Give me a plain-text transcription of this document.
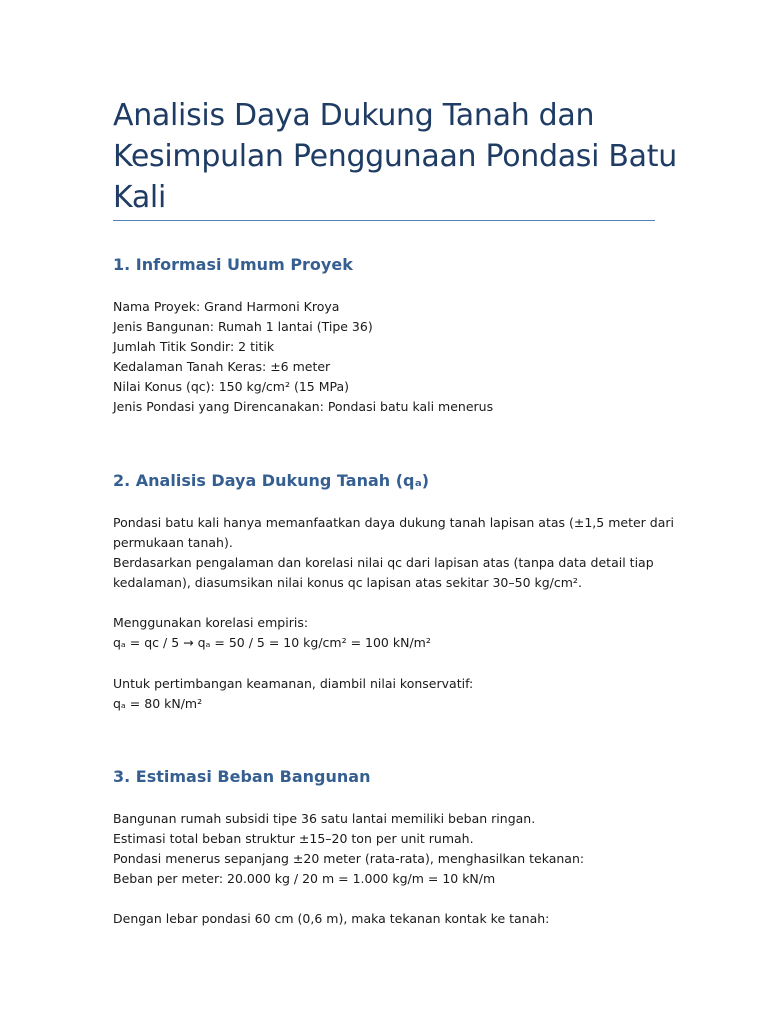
Analisis Daya Dukung Tanah dan
Kesimpulan Penggunaan Pondasi Batu
Kali
1. Informasi Umum Proyek
Nama Proyek: Grand Harmoni Kroya
Jenis Bangunan: Rumah 1 lantai (Tipe 36)
Jumlah Titik Sondir: 2 titik
Kedalaman Tanah Keras: ±6 meter
Nilai Konus (qc): 150 kg/cm² (15 MPa)
Jenis Pondasi yang Direncanakan: Pondasi batu kali menerus
2. Analisis Daya Dukung Tanah (qₐ)
Pondasi batu kali hanya memanfaatkan daya dukung tanah lapisan atas (±1,5 meter dari
permukaan tanah).
Berdasarkan pengalaman dan korelasi nilai qc dari lapisan atas (tanpa data detail tiap
kedalaman), diasumsikan nilai konus qc lapisan atas sekitar 30–50 kg/cm².
Menggunakan korelasi empiris:
qₐ = qc / 5 → qₐ = 50 / 5 = 10 kg/cm² = 100 kN/m²
Untuk pertimbangan keamanan, diambil nilai konservatif:
qₐ = 80 kN/m²
3. Estimasi Beban Bangunan
Bangunan rumah subsidi tipe 36 satu lantai memiliki beban ringan.
Estimasi total beban struktur ±15–20 ton per unit rumah.
Pondasi menerus sepanjang ±20 meter (rata-rata), menghasilkan tekanan:
Beban per meter: 20.000 kg / 20 m = 1.000 kg/m = 10 kN/m
Dengan lebar pondasi 60 cm (0,6 m), maka tekanan kontak ke tanah:
